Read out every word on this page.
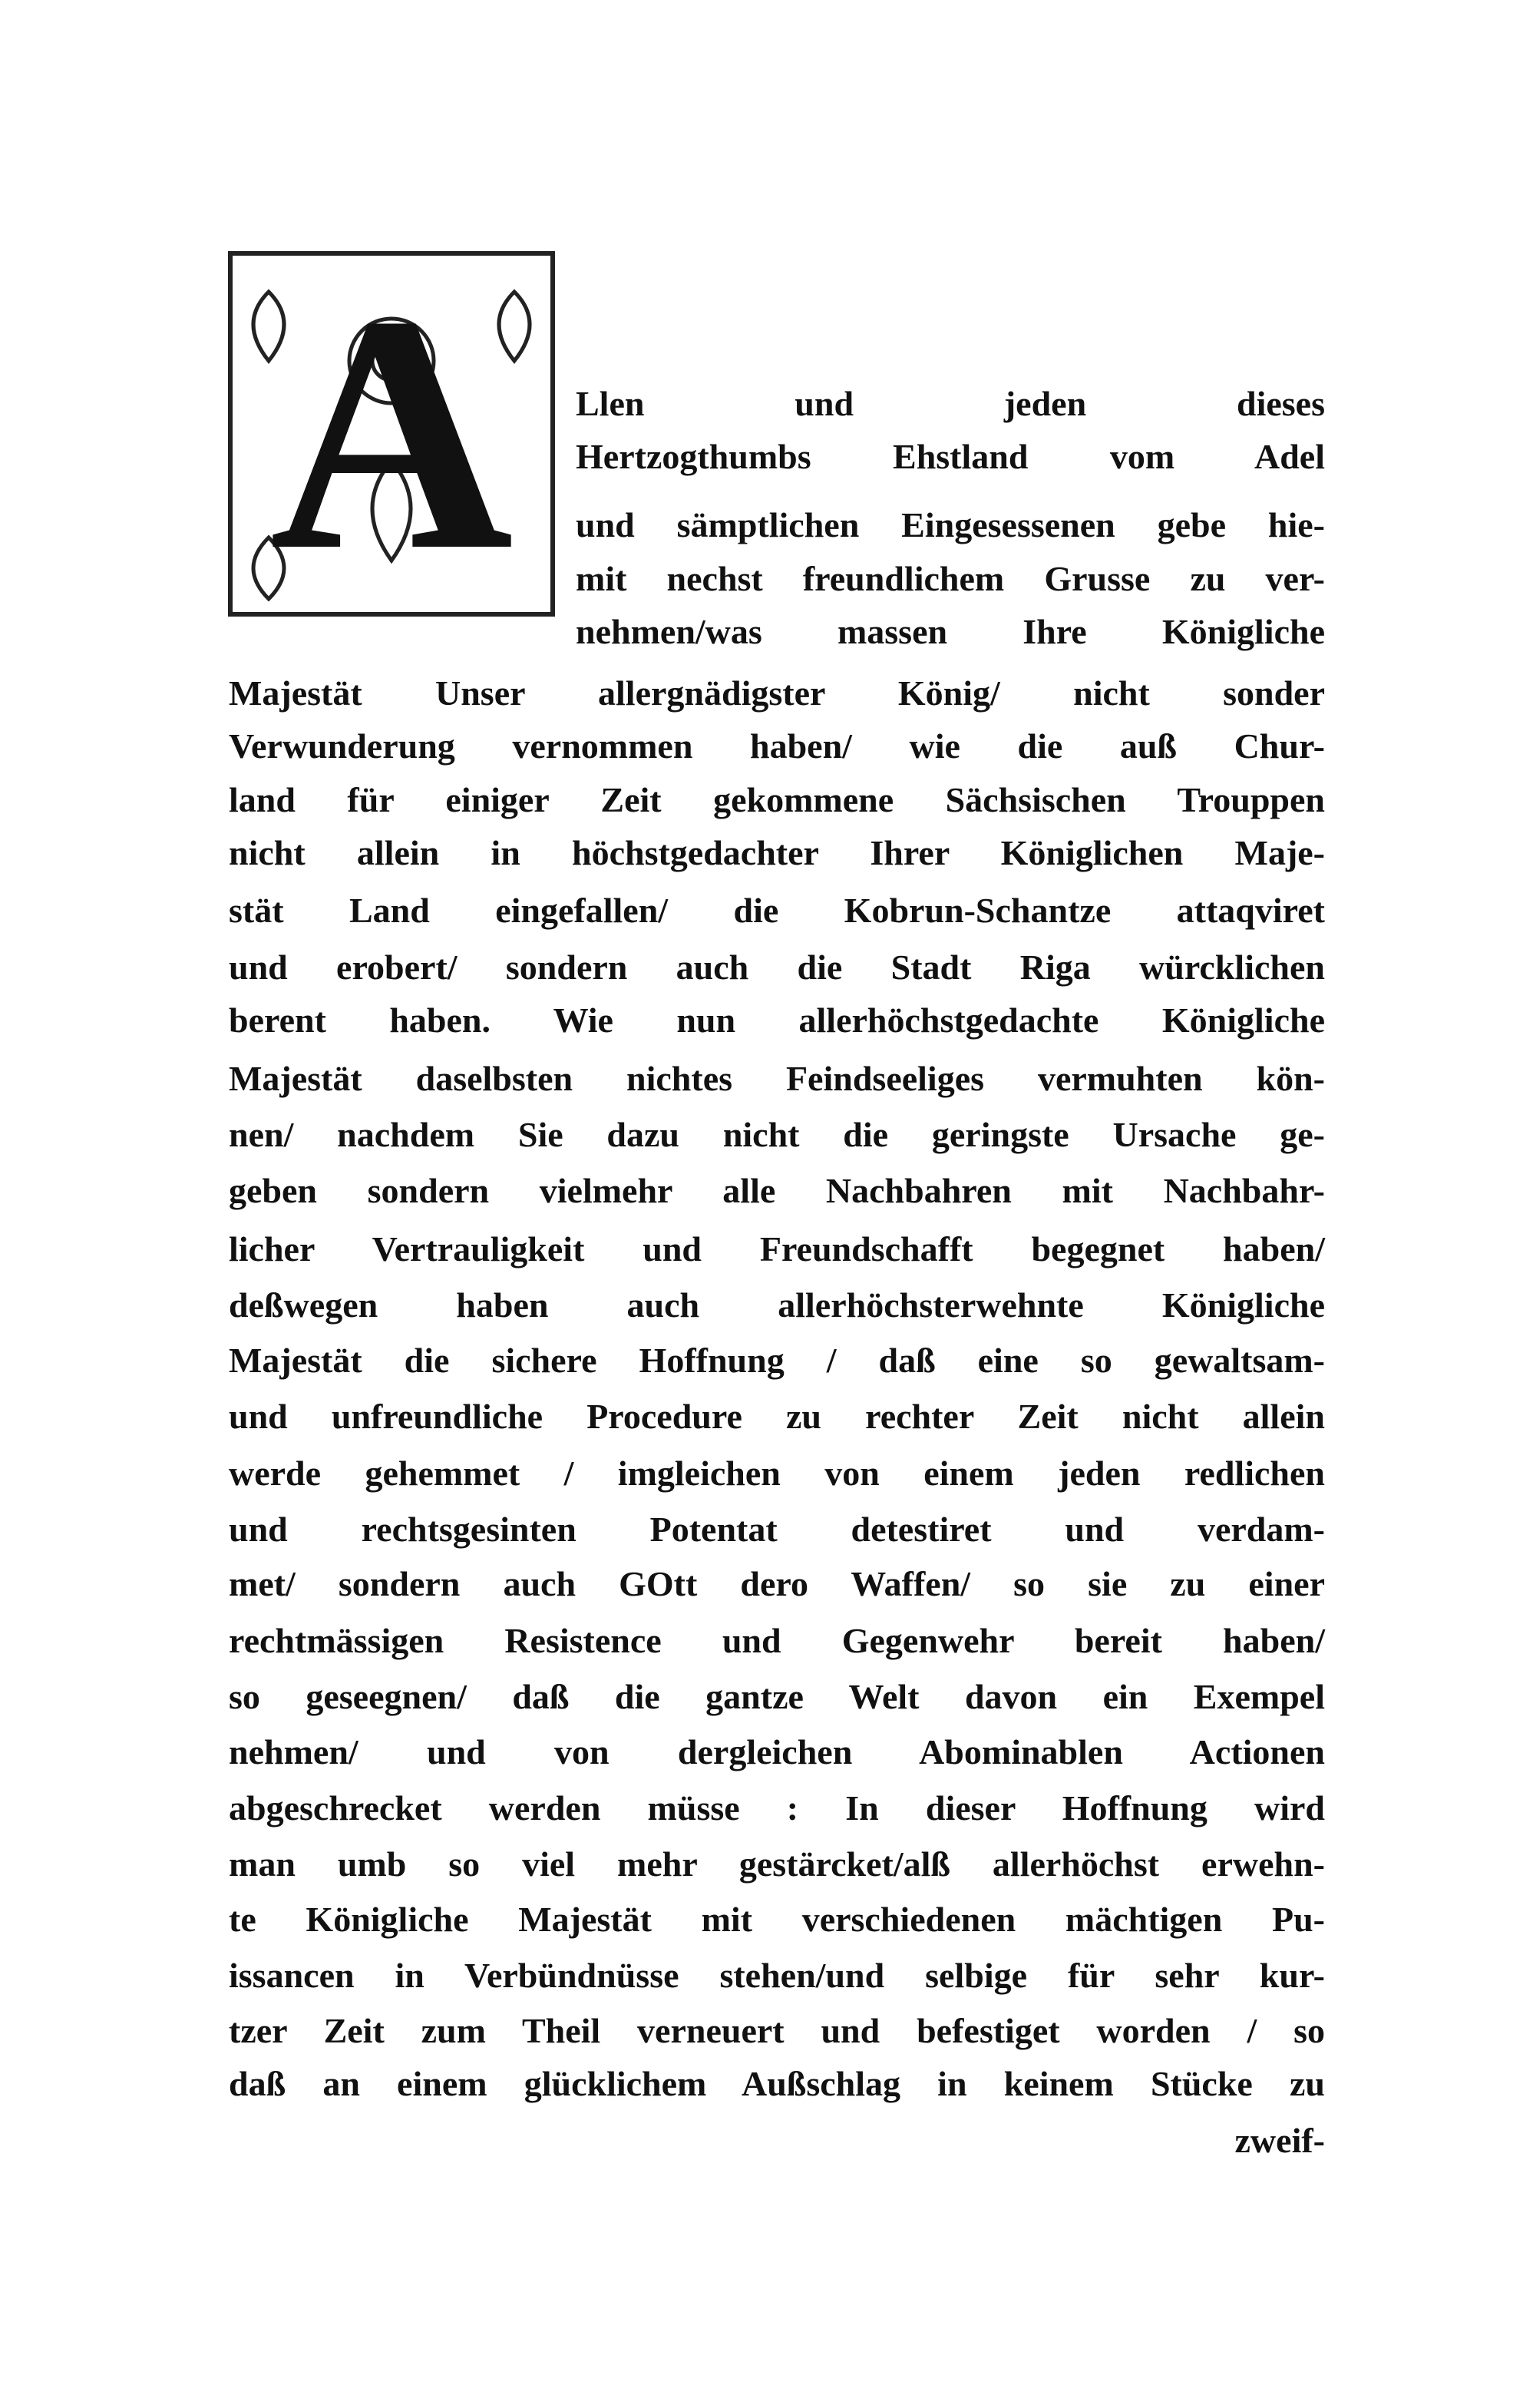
A	Llen und jeden dieses
Hertzogthumbs Ehstland vom Adel
und sämptlichen Eingesessenen gebe hie-
mit nechst freundlichem Grusse zu ver-
nehmen/was massen Ihre Königliche
Majestät Unser allergnädigster König/ nicht sonder
Verwunderung vernommen haben/ wie die auß Chur-
land für einiger Zeit gekommene Sächsischen Trouppen
nicht allein in höchstgedachter Ihrer Königlichen Maje-
stät Land eingefallen/ die Kobrun-Schantze attaqviret
und erobert/ sondern auch die Stadt Riga würcklichen
berent haben. Wie nun allerhöchstgedachte Königliche
Majestät daselbsten nichtes Feindseeliges vermuhten kön-
nen/ nachdem Sie dazu nicht die geringste Ursache ge-
geben sondern vielmehr alle Nachbahren mit Nachbahr-
licher Vertrauligkeit und Freundschafft begegnet haben/
deßwegen haben auch allerhöchsterwehnte Königliche
Majestät die sichere Hoffnung / daß eine so gewaltsam-
und unfreundliche Procedure zu rechter Zeit nicht allein
werde gehemmet / imgleichen von einem jeden redlichen
und rechtsgesinten Potentat detestiret und verdam-
met/ sondern auch GOtt dero Waffen/ so sie zu einer
rechtmässigen Resistence und Gegenwehr bereit haben/
so geseegnen/ daß die gantze Welt davon ein Exempel
nehmen/ und von dergleichen Abominablen Actionen
abgeschrecket werden müsse : In dieser Hoffnung wird
man umb so viel mehr gestärcket/alß allerhöchst erwehn-
te Königliche Majestät mit verschiedenen mächtigen Pu-
issancen in Verbündnüsse stehen/und selbige für sehr kur-
tzer Zeit zum Theil verneuert und befestiget worden / so
daß an einem glücklichem Außschlag in keinem Stücke zu
zweif-
